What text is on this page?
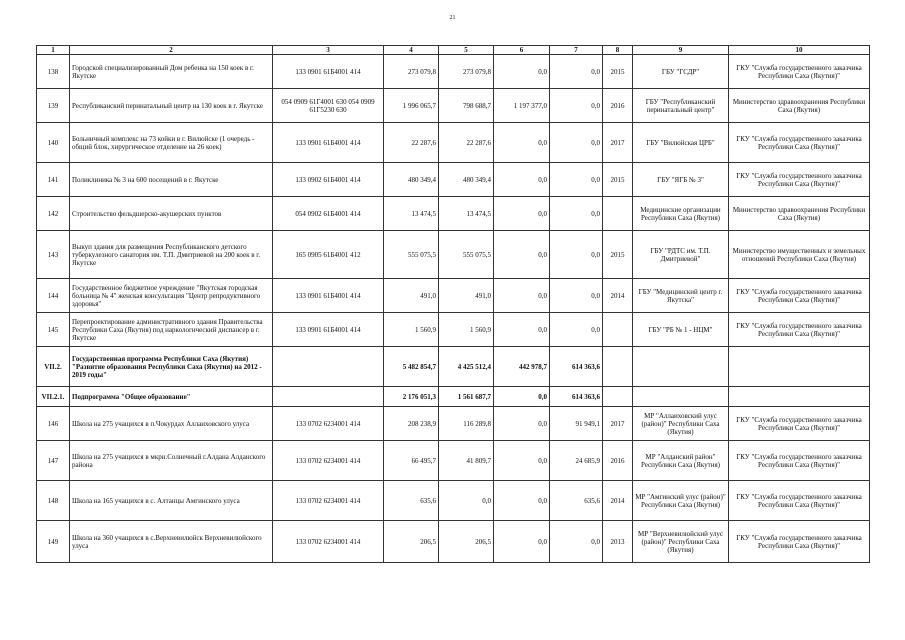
21
1	2	3	4	5	6	7	8	9	10
138	Городской специализированный Дом ребенка на 150 коек в г. Якутске	133 0901 61Б4001 414	273 079,8	273 079,8	0,0	0,0	2015	ГБУ "ГСДР"	ГКУ "Служба государственного заказчика Республики Саха (Якутия)"
139	Республиканский перинатальный центр на 130 коек в г. Якутске	054 0909 61Г4001 630 054 0909 61Г5230 630	1 996 065,7	798 688,7	1 197 377,0	0,0	2016	ГБУ "Республиканский перинатальный центр"	Министерство здравоохранения Республики Саха (Якутия)
140	Больничный комплекс на 73 койки в г. Вилюйске (1 очередь - общий блок, хирургическое отделение на 26 коек)	133 0901 61Б4001 414	22 287,6	22 287,6	0,0	0,0	2017	ГБУ "Вилюйская ЦРБ"	ГКУ "Служба государственного заказчика Республики Саха (Якутия)"
141	Поликлиника № 3 на 600 посещений в г. Якутске	133 0902 61Б4001 414	480 349,4	480 349,4	0,0	0,0	2015	ГБУ "ЯГБ № 3"	ГКУ "Служба государственного заказчика Республики Саха (Якутия)"
142	Строительство фельдшерско-акушерских пунктов	054 0902 61Б4001 414	13 474,5	13 474,5	0,0	0,0		Медицинские организации Республики Саха (Якутия)	Министерство здравоохранения Республики Саха (Якутия)
143	Выкуп здания для размещения Республиканского детского туберкулезного санатория им. Т.П. Дмитриевой на 200 коек в г. Якутске	165 0905 61Б4001 412	555 075,5	555 075,5	0,0	0,0	2015	ГБУ "РДТС им. Т.П. Дмитриевой"	Министерство имущественных и земельных отношений Республики Саха (Якутия)
144	Государственное бюджетное учреждение "Якутская городская больница № 4" женская консультация "Центр репродуктивного здоровья"	133 0901 61Б4001 414	491,0	491,0	0,0	0,0	2014	ГБУ "Медицинский центр г. Якутска"	ГКУ "Служба государственного заказчика Республики Саха (Якутия)"
145	Перепроектирование административного здания Правительства Республики Саха (Якутия) под наркологический диспансер в г. Якутске	133 0901 61Б4001 414	1 560,9	1 560,9	0,0	0,0		ГБУ "РБ № 1 - НЦМ"	ГКУ "Служба государственного заказчика Республики Саха (Якутия)"
VII.2.	Государственная программа Республики Саха (Якутия) "Развитие образования Республики Саха (Якутия) на 2012 - 2019 годы"		5 482 854,7	4 425 512,4	442 978,7	614 363,6			
VII.2.1.	Подпрограмма "Общее образование"		2 176 051,3	1 561 687,7	0,0	614 363,6			
146	Школа на 275 учащихся в п.Чокурдах Аллаиховского улуса	133 0702 6234001 414	208 238,9	116 289,8	0,0	91 949,1	2017	МР "Аллаиховский улус (район)" Республики Саха (Якутия)	ГКУ "Служба государственного заказчика Республики Саха (Якутия)"
147	Школа на 275 учащихся в мкрн.Солнечный г.Алдана Алданского района	133 0702 6234001 414	66 495,7	41 809,7	0,0	24 685,9	2016	МР "Алданский район" Республики Саха (Якутия)	ГКУ "Служба государственного заказчика Республики Саха (Якутия)"
148	Школа на 165 учащихся в с. Алтанцы Амгинского улуса	133 0702 6234001 414	635,6	0,0	0,0	635,6	2014	МР "Амгинский улус (район)" Республики Саха (Якутия)	ГКУ "Служба государственного заказчика Республики Саха (Якутия)"
149	Школа на 360 учащихся в с.Верхневилюйск Верхневилюйского улуса	133 0702 6234001 414	206,5	206,5	0,0	0,0	2013	МР "Верхневилюйский улус (район)" Республики Саха (Якутия)	ГКУ "Служба государственного заказчика Республики Саха (Якутия)"
